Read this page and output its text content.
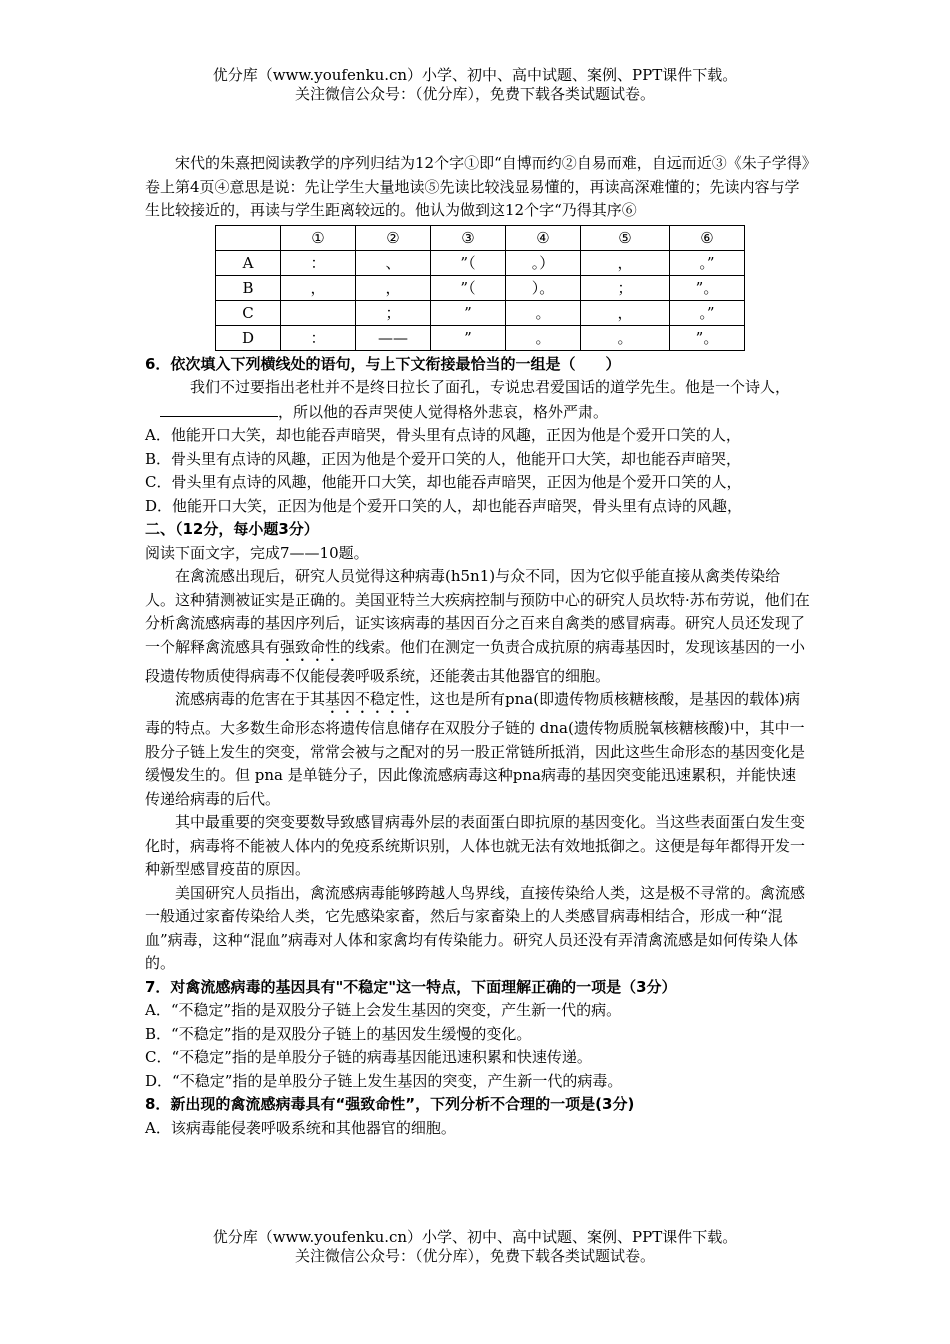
优分库（www.youfenku.cn）小学、初中、高中试题、案例、PPT课件下载。
关注微信公众号：（优分库），免费下载各类试题试卷。

宋代的朱熹把阅读教学的序列归结为12个字①即“自博而约②自易而难，自远而近③《朱子学得》卷上第4页④意思是说：先让学生大量地读⑤先读比较浅显易懂的，再读高深难懂的；先读内容与学生比较接近的，再读与学生距离较远的。他认为做到这12个字“乃得其序⑥

	①	②	③	④	⑤	⑥
A	：	、	”（	。）	，	。”
B	，	，	”（	）。	；	”。
C		；	”	。	，	。”
D	：	——	”	。	。	”。

6．依次填入下列横线处的语句，与上下文衔接最恰当的一组是（　　）

我们不过要指出老杜并不是终日拉长了面孔，专说忠君爱国话的道学先生。他是一个诗人，，所以他的吞声哭使人觉得格外悲哀，格外严肃。

A．他能开口大笑，却也能吞声暗哭，骨头里有点诗的风趣，正因为他是个爱开口笑的人，

B．骨头里有点诗的风趣，正因为他是个爱开口笑的人，他能开口大笑，却也能吞声暗哭，

C．骨头里有点诗的风趣，他能开口大笑，却也能吞声暗哭，正因为他是个爱开口笑的人，

D．他能开口大笑，正因为他是个爱开口笑的人，却也能吞声暗哭，骨头里有点诗的风趣，

二、（12分，每小题3分）

阅读下面文字，完成7——10题。

在禽流感出现后，研究人员觉得这种病毒(h5n1)与众不同，因为它似乎能直接从禽类传染给人。这种猜测被证实是正确的。美国亚特兰大疾病控制与预防中心的研究人员坎特·苏布劳说，他们在分析禽流感病毒的基因序列后，证实该病毒的基因百分之百来自禽类的感冒病毒。研究人员还发现了一个解释禽流感具有强致命性的线索。他们在测定一负责合成抗原的病毒基因时，发现该基因的一小段遗传物质使得病毒不仅能侵袭呼吸系统，还能袭击其他器官的细胞。

流感病毒的危害在于其基因不稳定性，这也是所有pna(即遗传物质核糖核酸，是基因的载体)病毒的特点。大多数生命形态将遗传信息储存在双股分子链的 dna(遗传物质脱氧核糖核酸)中，其中一股分子链上发生的突变，常常会被与之配对的另一股正常链所抵消，因此这些生命形态的基因变化是缓慢发生的。但 pna 是单链分子，因此像流感病毒这种pna病毒的基因突变能迅速累积，并能快速传递给病毒的后代。

其中最重要的突变要数导致感冒病毒外层的表面蛋白即抗原的基因变化。当这些表面蛋白发生变化时，病毒将不能被人体内的免疫系统斯识别，人体也就无法有效地抵御之。这便是每年都得开发一种新型感冒疫苗的原因。

美国研究人员指出，禽流感病毒能够跨越人鸟界线，直接传染给人类，这是极不寻常的。禽流感一般通过家畜传染给人类，它先感染家畜，然后与家畜染上的人类感冒病毒相结合，形成一种“混血”病毒，这种“混血”病毒对人体和家禽均有传染能力。研究人员还没有弄清禽流感是如何传染人体的。

7．对禽流感病毒的基因具有"不稳定"这一特点，下面理解正确的一项是（3分）

A．“不稳定”指的是双股分子链上会发生基因的突变，产生新一代的病。

B．“不稳定”指的是双股分子链上的基因发生缓慢的变化。

C．“不稳定”指的是单股分子链的病毒基因能迅速积累和快速传递。

D．“不稳定”指的是单股分子链上发生基因的突变，产生新一代的病毒。

8．新出现的禽流感病毒具有“强致命性”，下列分析不合理的一项是(3分)

A．该病毒能侵袭呼吸系统和其他器官的细胞。

优分库（www.youfenku.cn）小学、初中、高中试题、案例、PPT课件下载。
关注微信公众号：（优分库），免费下载各类试题试卷。
